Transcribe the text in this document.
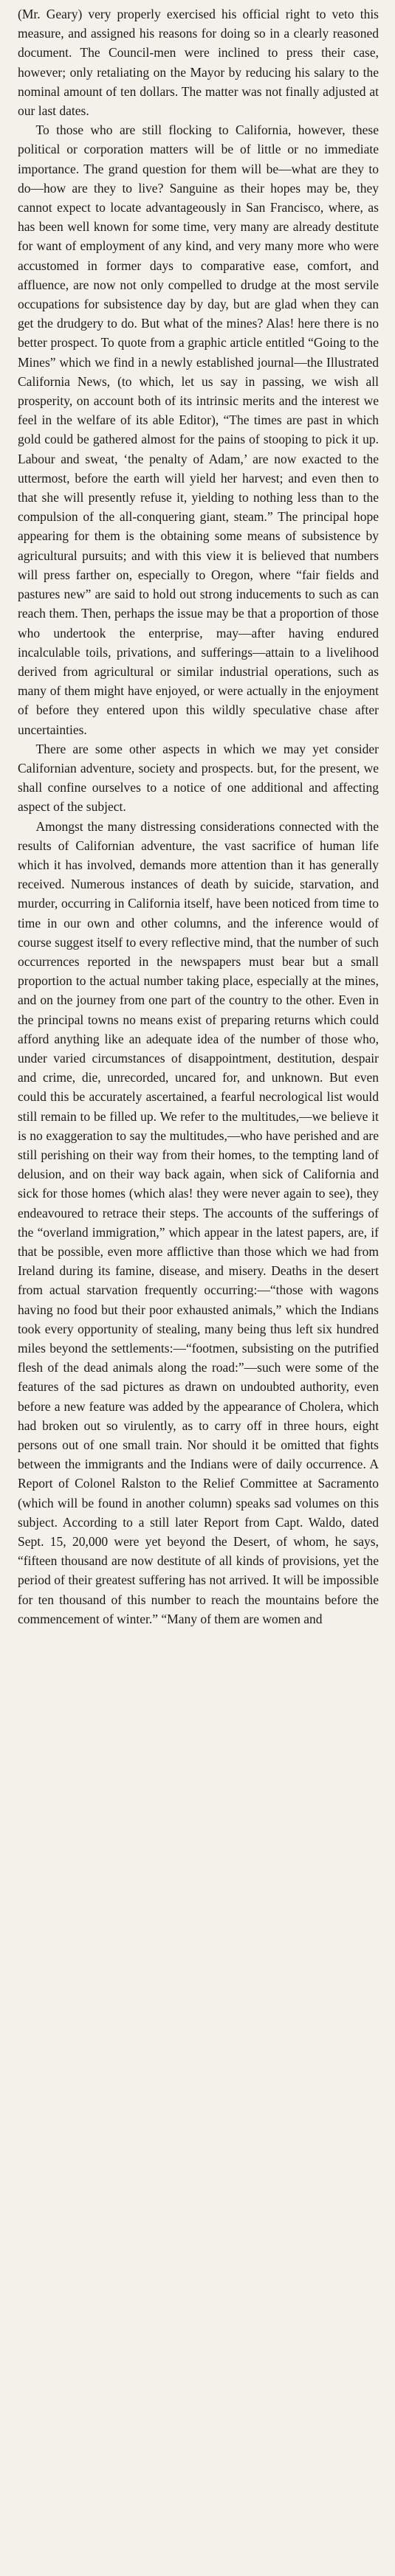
(Mr. Geary) very properly exercised his official right to veto this measure, and assigned his reasons for doing so in a clearly reasoned document. The Council-men were inclined to press their case, however; only retaliating on the Mayor by reducing his salary to the nominal amount of ten dollars. The matter was not finally adjusted at our last dates.

To those who are still flocking to California, however, these political or corporation matters will be of little or no immediate importance. The grand question for them will be—what are they to do—how are they to live? Sanguine as their hopes may be, they cannot expect to locate advantageously in San Francisco, where, as has been well known for some time, very many are already destitute for want of employment of any kind, and very many more who were accustomed in former days to comparative ease, comfort, and affluence, are now not only compelled to drudge at the most servile occupations for subsistence day by day, but are glad when they can get the drudgery to do. But what of the mines? Alas! here there is no better prospect. To quote from a graphic article entitled “Going to the Mines” which we find in a newly established journal—the Illustrated California News, (to which, let us say in passing, we wish all prosperity, on account both of its intrinsic merits and the interest we feel in the welfare of its able Editor), “The times are past in which gold could be gathered almost for the pains of stooping to pick it up. Labour and sweat, ‘the penalty of Adam,’ are now exacted to the uttermost, before the earth will yield her harvest; and even then to that she will presently refuse it, yielding to nothing less than to the compulsion of the all-conquering giant, steam.” The principal hope appearing for them is the obtaining some means of subsistence by agricultural pursuits; and with this view it is believed that numbers will press farther on, especially to Oregon, where “fair fields and pastures new” are said to hold out strong inducements to such as can reach them. Then, perhaps the issue may be that a proportion of those who undertook the enterprise, may—after having endured incalculable toils, privations, and sufferings—attain to a livelihood derived from agricultural or similar industrial operations, such as many of them might have enjoyed, or were actually in the enjoyment of before they entered upon this wildly speculative chase after uncertainties.

There are some other aspects in which we may yet consider Californian adventure, society and prospects. but, for the present, we shall confine ourselves to a notice of one additional and affecting aspect of the subject.

Amongst the many distressing considerations connected with the results of Californian adventure, the vast sacrifice of human life which it has involved, demands more attention than it has generally received. Numerous instances of death by suicide, starvation, and murder, occurring in California itself, have been noticed from time to time in our own and other columns, and the inference would of course suggest itself to every reflective mind, that the number of such occurrences reported in the newspapers must bear but a small proportion to the actual number taking place, especially at the mines, and on the journey from one part of the country to the other. Even in the principal towns no means exist of preparing returns which could afford anything like an adequate idea of the number of those who, under varied circumstances of disappointment, destitution, despair and crime, die, unrecorded, uncared for, and unknown. But even could this be accurately ascertained, a fearful necrological list would still remain to be filled up. We refer to the multitudes,—we believe it is no exaggeration to say the multitudes,—who have perished and are still perishing on their way from their homes, to the tempting land of delusion, and on their way back again, when sick of California and sick for those homes (which alas! they were never again to see), they endeavoured to retrace their steps. The accounts of the sufferings of the “overland immigration,” which appear in the latest papers, are, if that be possible, even more afflictive than those which we had from Ireland during its famine, disease, and misery. Deaths in the desert from actual starvation frequently occurring:—“those with wagons having no food but their poor exhausted animals,” which the Indians took every opportunity of stealing, many being thus left six hundred miles beyond the settlements:—“footmen, subsisting on the putrified flesh of the dead animals along the road:”—such were some of the features of the sad pictures as drawn on undoubted authority, even before a new feature was added by the appearance of Cholera, which had broken out so virulently, as to carry off in three hours, eight persons out of one small train. Nor should it be omitted that fights between the immigrants and the Indians were of daily occurrence. A Report of Colonel Ralston to the Relief Committee at Sacramento (which will be found in another column) speaks sad volumes on this subject. According to a still later Report from Capt. Waldo, dated Sept. 15, 20,000 were yet beyond the Desert, of whom, he says, “fifteen thousand are now destitute of all kinds of provisions, yet the period of their greatest suffering has not arrived. It will be impossible for ten thousand of this number to reach the mountains before the commencement of winter.” “Many of them are women and
